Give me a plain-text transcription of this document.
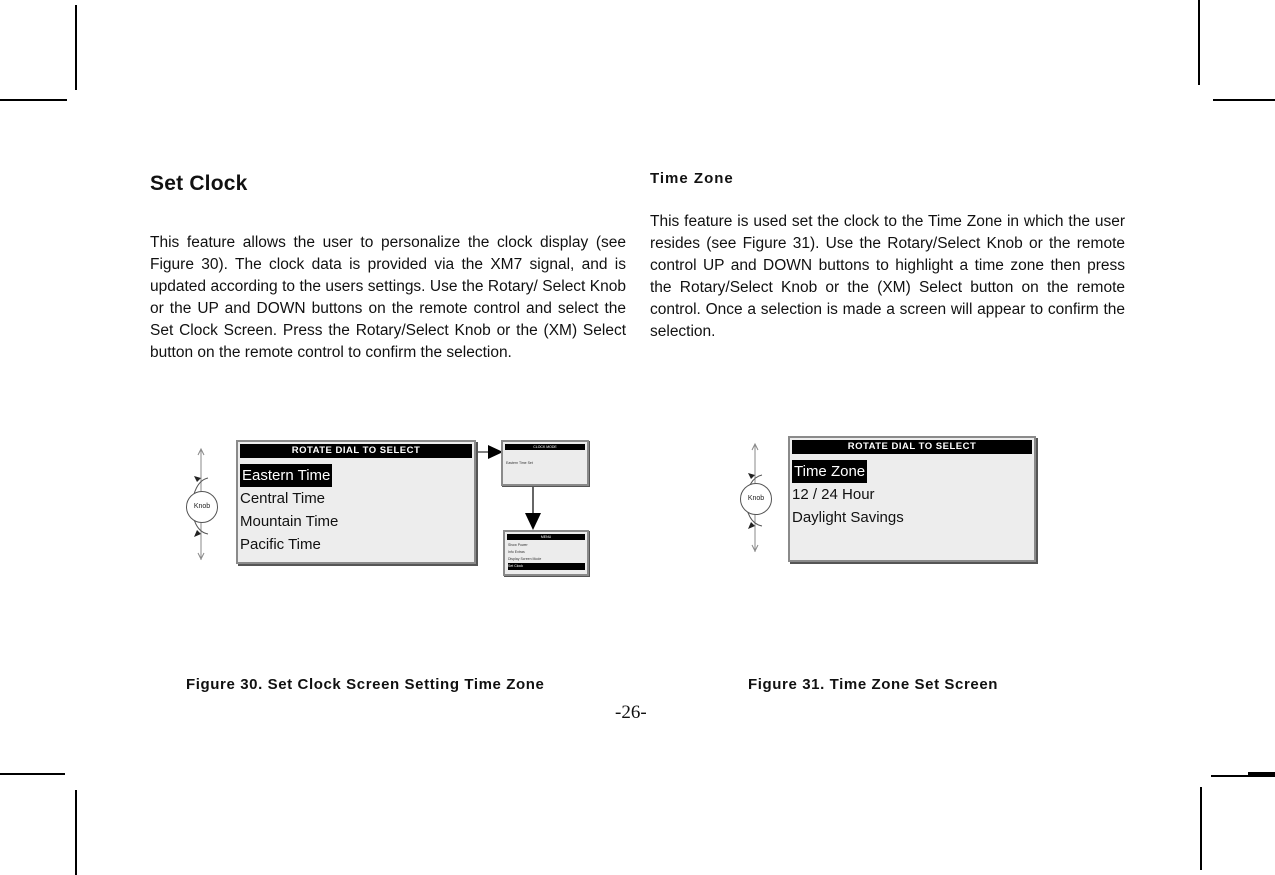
Set Clock

This feature allows the user to personalize the clock display (see Figure 30). The clock data is provided via the XM7 signal, and is updated according to the users settings. Use the Rotary/ Select Knob or the UP and DOWN buttons on the remote control and select the Set Clock Screen. Press the Rotary/Select Knob or the (XM) Select button on the remote control to confirm the selection.

Time Zone

This feature is used set the clock to the Time Zone in which the user resides (see Figure 31). Use the Rotary/Select Knob or the remote control UP and DOWN buttons to highlight a time zone then press the Rotary/Select Knob or the (XM) Select button on the remote control. Once a selection is made a screen will appear to confirm the selection.

Knob
ROTATE DIAL TO SELECT
Eastern Time
Central Time
Mountain Time
Pacific Time
CLOCK MODE
Eastern Time Set
MENU
Show Power
Info Extras
Display Screen Mode
Set Clock
Figure 30. Set Clock Screen Setting Time Zone
Knob
ROTATE DIAL TO SELECT
Time Zone
12 / 24 Hour
Daylight Savings
Figure 31. Time Zone Set Screen
-26-
